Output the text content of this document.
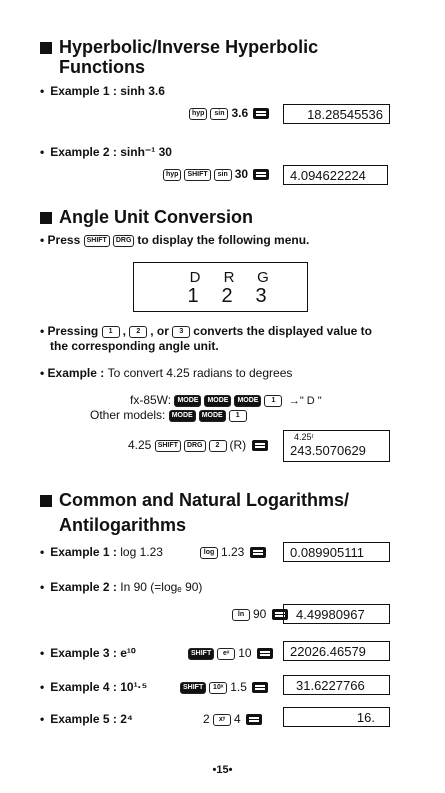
Hyperbolic/Inverse Hyperbolic
Functions
• Example 1 : sinh 3.6
hyp sin 3.6	18.28545536
• Example 2 : sinh⁻¹ 30
hyp SHIFT sin 30	4.094622224
Angle Unit Conversion
• Press SHIFT DRG to display the following menu.
D R G
1 2 3
• Pressing 1 , 2 , or 3 converts the displayed value to
the corresponding angle unit.
• Example : To convert 4.25 radians to degrees
fx-85W: MODE MODE MODE 1 →" D "
Other models: MODE MODE 1
4.25 SHIFT DRG 2 (R)
4.25ʳ
243.5070629
Common and Natural Logarithms/
Antilogarithms
• Example 1 : log 1.23	log 1.23	0.089905111
• Example 2 : In 90 (=logₑ 90)
ln 90	4.49980967
• Example 3 : e¹⁰	SHIFT eˣ 10	22026.46579
• Example 4 : 10¹·⁵	SHIFT 10ˣ 1.5	31.6227766
• Example 5 : 2⁴	2 xʸ 4	16.
•15•
